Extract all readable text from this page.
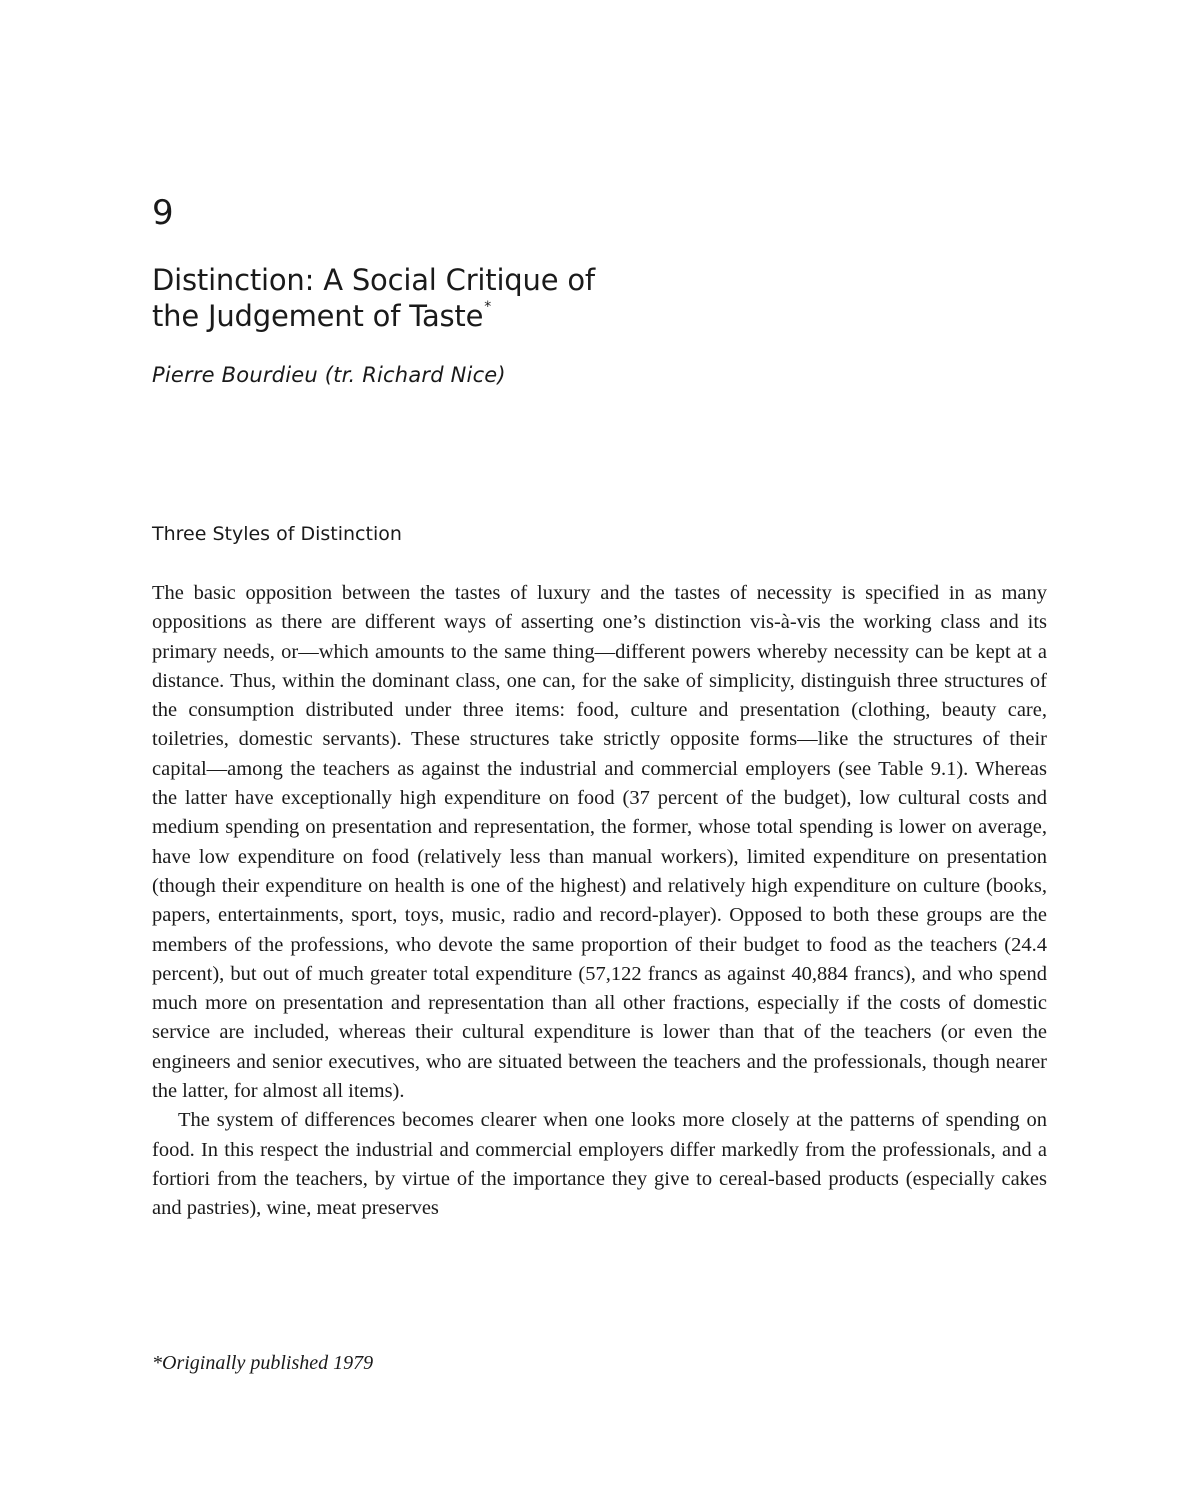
9
Distinction: A Social Critique of
the Judgement of Taste*
Pierre Bourdieu (tr. Richard Nice)
Three Styles of Distinction

The basic opposition between the tastes of luxury and the tastes of necessity is specified in as many oppositions as there are different ways of asserting one’s distinction vis-à-vis the working class and its primary needs, or—which amounts to the same thing—different powers whereby necessity can be kept at a distance. Thus, within the dominant class, one can, for the sake of simplicity, distinguish three structures of the consumption distributed under three items: food, culture and presentation (clothing, beauty care, toiletries, domestic servants). These structures take strictly opposite forms—like the structures of their capital—among the teachers as against the industrial and commercial employers (see Table 9.1). Whereas the latter have exceptionally high expenditure on food (37 percent of the budget), low cultural costs and medium spending on presentation and representation, the former, whose total spending is lower on average, have low expenditure on food (relatively less than manual workers), limited expenditure on presentation (though their expenditure on health is one of the highest) and relatively high expenditure on culture (books, papers, entertainments, sport, toys, music, radio and record-player). Opposed to both these groups are the members of the professions, who devote the same proportion of their budget to food as the teachers (24.4 percent), but out of much greater total expenditure (57,122 francs as against 40,884 francs), and who spend much more on presentation and representation than all other fractions, especially if the costs of domestic service are included, whereas their cultural expenditure is lower than that of the teachers (or even the engineers and senior executives, who are situated between the teachers and the professionals, though nearer the latter, for almost all items).

The system of differences becomes clearer when one looks more closely at the patterns of spending on food. In this respect the industrial and commercial employers differ markedly from the professionals, and a fortiori from the teachers, by virtue of the importance they give to cereal-based products (especially cakes and pastries), wine, meat preserves

*Originally published 1979
